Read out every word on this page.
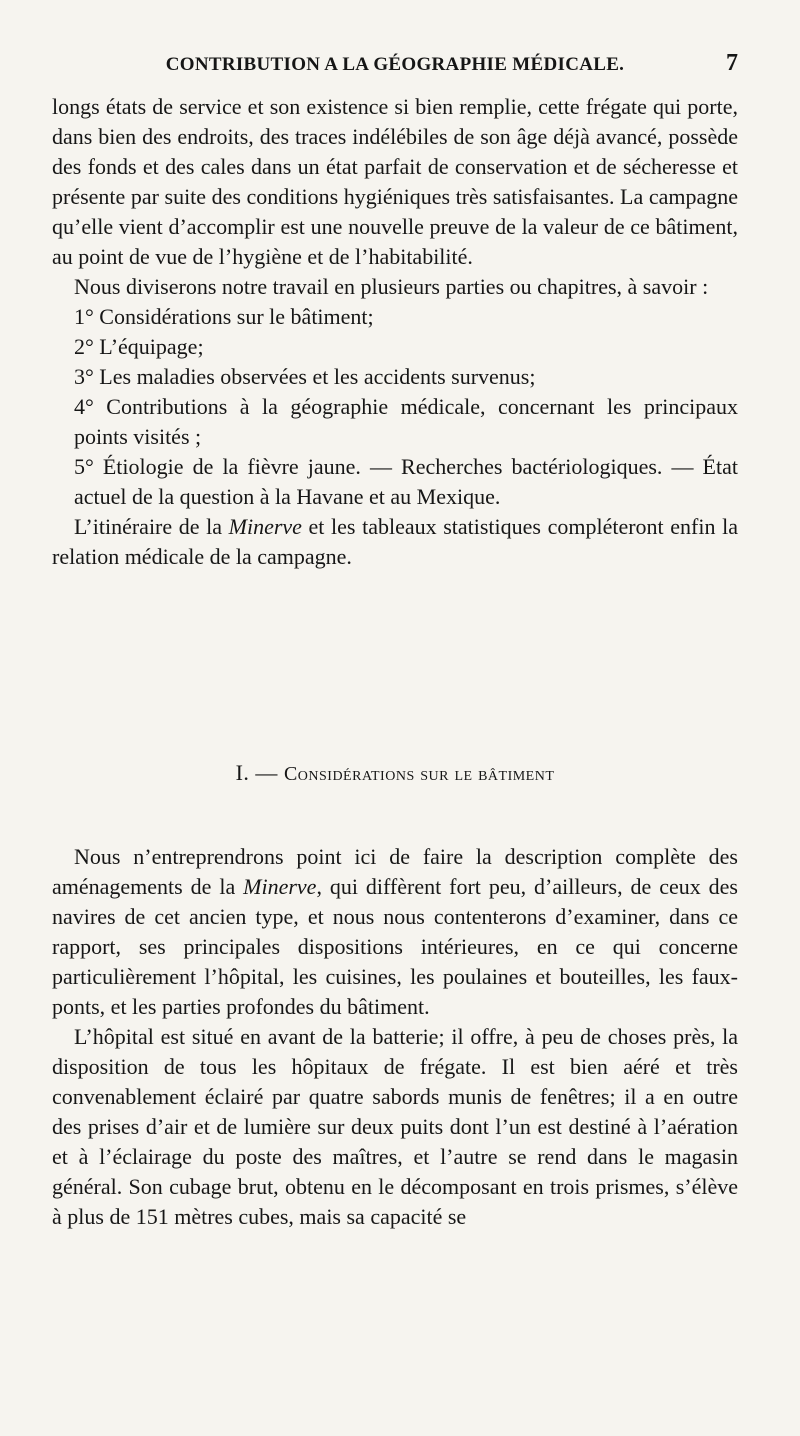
CONTRIBUTION A LA GÉOGRAPHIE MÉDICALE.	7

longs états de service et son existence si bien remplie, cette frégate qui porte, dans bien des endroits, des traces indélébiles de son âge déjà avancé, possède des fonds et des cales dans un état parfait de conservation et de sécheresse et présente par suite des conditions hygiéniques très satisfaisantes. La campagne qu’elle vient d’accomplir est une nouvelle preuve de la valeur de ce bâtiment, au point de vue de l’hygiène et de l’habitabilité.

Nous diviserons notre travail en plusieurs parties ou chapitres, à savoir :

1° Considérations sur le bâtiment;

2° L’équipage;

3° Les maladies observées et les accidents survenus;

4° Contributions à la géographie médicale, concernant les principaux points visités ;

5° Étiologie de la fièvre jaune. — Recherches bactériologiques. — État actuel de la question à la Havane et au Mexique.

L’itinéraire de la Minerve et les tableaux statistiques compléteront enfin la relation médicale de la campagne.

I. — Considérations sur le bâtiment

Nous n’entreprendrons point ici de faire la description complète des aménagements de la Minerve, qui diffèrent fort peu, d’ailleurs, de ceux des navires de cet ancien type, et nous nous contenterons d’examiner, dans ce rapport, ses principales dispositions intérieures, en ce qui concerne particulièrement l’hôpital, les cuisines, les poulaines et bouteilles, les faux-ponts, et les parties profondes du bâtiment.

L’hôpital est situé en avant de la batterie; il offre, à peu de choses près, la disposition de tous les hôpitaux de frégate. Il est bien aéré et très convenablement éclairé par quatre sabords munis de fenêtres; il a en outre des prises d’air et de lumière sur deux puits dont l’un est destiné à l’aération et à l’éclairage du poste des maîtres, et l’autre se rend dans le magasin général. Son cubage brut, obtenu en le décomposant en trois prismes, s’élève à plus de 151 mètres cubes, mais sa capacité se
